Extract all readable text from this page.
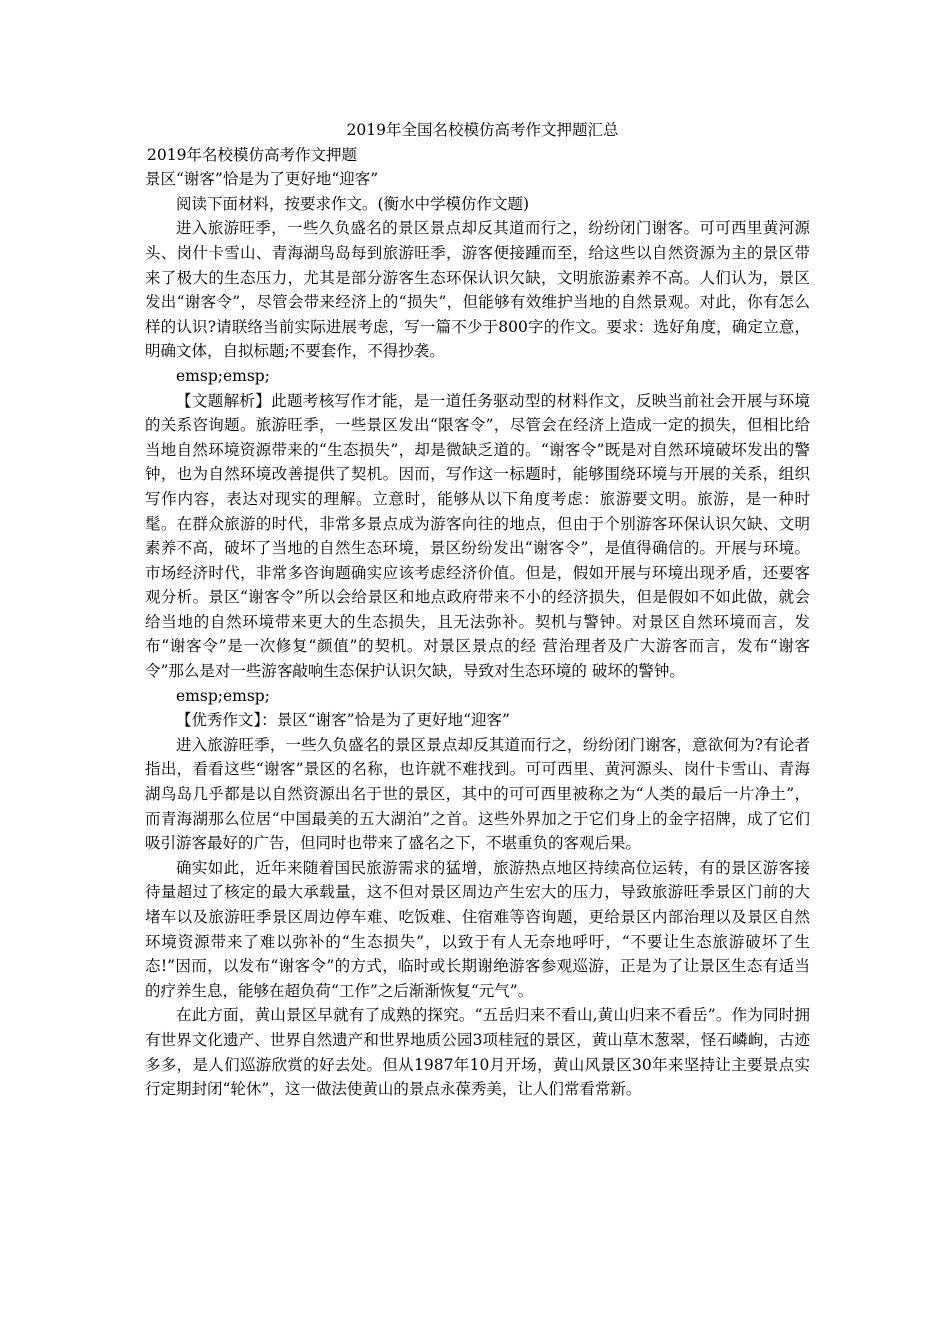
2019年全国名校模仿高考作文押题汇总

2019年名校模仿高考作文押题

景区“谢客”恰是为了更好地“迎客”

阅读下面材料，按要求作文。(衡水中学模仿作文题)

进入旅游旺季，一些久负盛名的景区景点却反其道而行之，纷纷闭门谢客。可可西里黄河源头、岗什卡雪山、青海湖鸟岛每到旅游旺季，游客便接踵而至，给这些以自然资源为主的景区带来了极大的生态压力，尤其是部分游客生态环保认识欠缺，文明旅游素养不高。人们认为，景区发出“谢客令”，尽管会带来经济上的“损失”，但能够有效维护当地的自然景观。对此，你有怎么样的认识?请联络当前实际进展考虑，写一篇不少于800字的作文。要求：选好角度，确定立意，明确文体，自拟标题;不要套作，不得抄袭。

emsp;emsp;

【文题解析】此题考核写作才能，是一道任务驱动型的材料作文，反映当前社会开展与环境的关系咨询题。旅游旺季，一些景区发出“限客令”，尽管会在经济上造成一定的损失，但相比给当地自然环境资源带来的“生态损失”，却是微缺乏道的。“谢客令”既是对自然环境破坏发出的警钟，也为自然环境改善提供了契机。因而，写作这一标题时，能够围绕环境与开展的关系，组织写作内容，表达对现实的理解。立意时，能够从以下角度考虑：旅游要文明。旅游，是一种时髦。在群众旅游的时代，非常多景点成为游客向往的地点，但由于个别游客环保认识欠缺、文明素养不高，破坏了当地的自然生态环境，景区纷纷发出“谢客令”，是值得确信的。开展与环境。市场经济时代，非常多咨询题确实应该考虑经济价值。但是，假如开展与环境出现矛盾，还要客观分析。景区“谢客令”所以会给景区和地点政府带来不小的经济损失，但是假如不如此做，就会给当地的自然环境带来更大的生态损失，且无法弥补。契机与警钟。对景区自然环境而言，发布“谢客令”是一次修复“颜值”的契机。对景区景点的经 营治理者及广大游客而言，发布“谢客令”那么是对一些游客敲响生态保护认识欠缺，导致对生态环境的 破坏的警钟。

emsp;emsp;

【优秀作文】：景区“谢客”恰是为了更好地“迎客”

进入旅游旺季，一些久负盛名的景区景点却反其道而行之，纷纷闭门谢客，意欲何为?有论者指出，看看这些“谢客”景区的名称，也许就不难找到。可可西里、黄河源头、岗什卡雪山、青海湖鸟岛几乎都是以自然资源出名于世的景区，其中的可可西里被称之为“人类的最后一片净土”，而青海湖那么位居“中国最美的五大湖泊”之首。这些外界加之于它们身上的金字招牌，成了它们吸引游客最好的广告，但同时也带来了盛名之下，不堪重负的客观后果。

确实如此，近年来随着国民旅游需求的猛增，旅游热点地区持续高位运转，有的景区游客接待量超过了核定的最大承载量，这不但对景区周边产生宏大的压力，导致旅游旺季景区门前的大堵车以及旅游旺季景区周边停车难、吃饭难、住宿难等咨询题，更给景区内部治理以及景区自然环境资源带来了难以弥补的“生态损失”，以致于有人无奈地呼吁，“不要让生态旅游破坏了生态!”因而，以发布“谢客令”的方式，临时或长期谢绝游客参观巡游，正是为了让景区生态有适当的疗养生息，能够在超负荷“工作”之后渐渐恢复“元气”。

在此方面，黄山景区早就有了成熟的探究。“五岳归来不看山,黄山归来不看岳”。作为同时拥有世界文化遗产、世界自然遗产和世界地质公园3项桂冠的景区，黄山草木葱翠，怪石嶙峋，古迹多多，是人们巡游欣赏的好去处。但从1987年10月开场，黄山风景区30年来坚持让主要景点实行定期封闭“轮休”，这一做法使黄山的景点永葆秀美，让人们常看常新。
